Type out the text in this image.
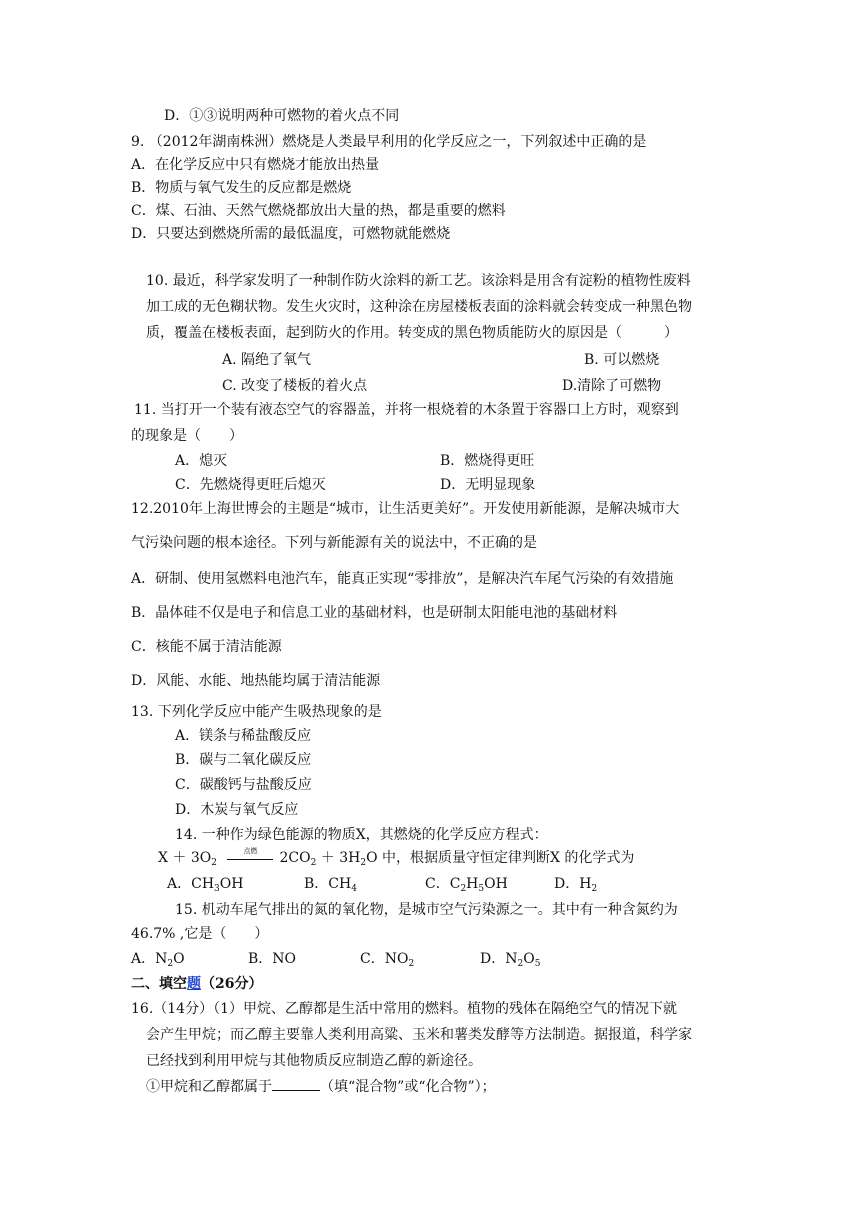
D．①③说明两种可燃物的着火点不同
9. （2012年湖南株洲）燃烧是人类最早利用的化学反应之一，下列叙述中正确的是
A．在化学反应中只有燃烧才能放出热量
B．物质与氧气发生的反应都是燃烧
C．煤、石油、天然气燃烧都放出大量的热，都是重要的燃料
D．只要达到燃烧所需的最低温度，可燃物就能燃烧
10. 最近，科学家发明了一种制作防火涂料的新工艺。该涂料是用含有淀粉的植物性废料
加工成的无色糊状物。发生火灾时，这种涂在房屋楼板表面的涂料就会转变成一种黑色物
质，覆盖在楼板表面，起到防火的作用。转变成的黑色物质能防火的原因是（　　　）
A. 隔绝了氧气	B. 可以燃烧
C. 改变了楼板的着火点	D.清除了可燃物
11. 当打开一个装有液态空气的容器盖，并将一根烧着的木条置于容器口上方时，观察到
的现象是（　　）
A．熄灭	B．燃烧得更旺
C．先燃烧得更旺后熄灭	D．无明显现象
12.2010年上海世博会的主题是“城市，让生活更美好”。开发使用新能源，是解决城市大
气污染问题的根本途径。下列与新能源有关的说法中，不正确的是
A．研制、使用氢燃料电池汽车，能真正实现“零排放”，是解决汽车尾气污染的有效措施
B．晶体硅不仅是电子和信息工业的基础材料，也是研制太阳能电池的基础材料
C．核能不属于清洁能源
D．风能、水能、地热能均属于清洁能源
13. 下列化学反应中能产生吸热现象的是
A．镁条与稀盐酸反应
B．碳与二氧化碳反应
C．碳酸钙与盐酸反应
D．木炭与氧气反应
14. 一种作为绿色能源的物质X，其燃烧的化学反应方程式：
$X + 3O_2$
点燃	$2CO_2 + 3H_2O$ 中，根据质量守恒定律判断X 的化学式为
A．$CH_3OH$	B．$CH_4$	C．$C_2H_5OH$	D．$H_2$
15. 机动车尾气排出的氮的氧化物，是城市空气污染源之一。其中有一种含氮约为
46.7% ,它是（　　）
A．$N_2O$	B．NO	C．$NO_2$	D．$N_2O_5$
二、填空题（26分）
16.（14分）（1）甲烷、乙醇都是生活中常用的燃料。植物的残体在隔绝空气的情况下就
会产生甲烷；而乙醇主要靠人类利用高粱、玉米和薯类发酵等方法制造。据报道，科学家
已经找到利用甲烷与其他物质反应制造乙醇的新途径。
①甲烷和乙醇都属于	（填“混合物”或“化合物”）；
